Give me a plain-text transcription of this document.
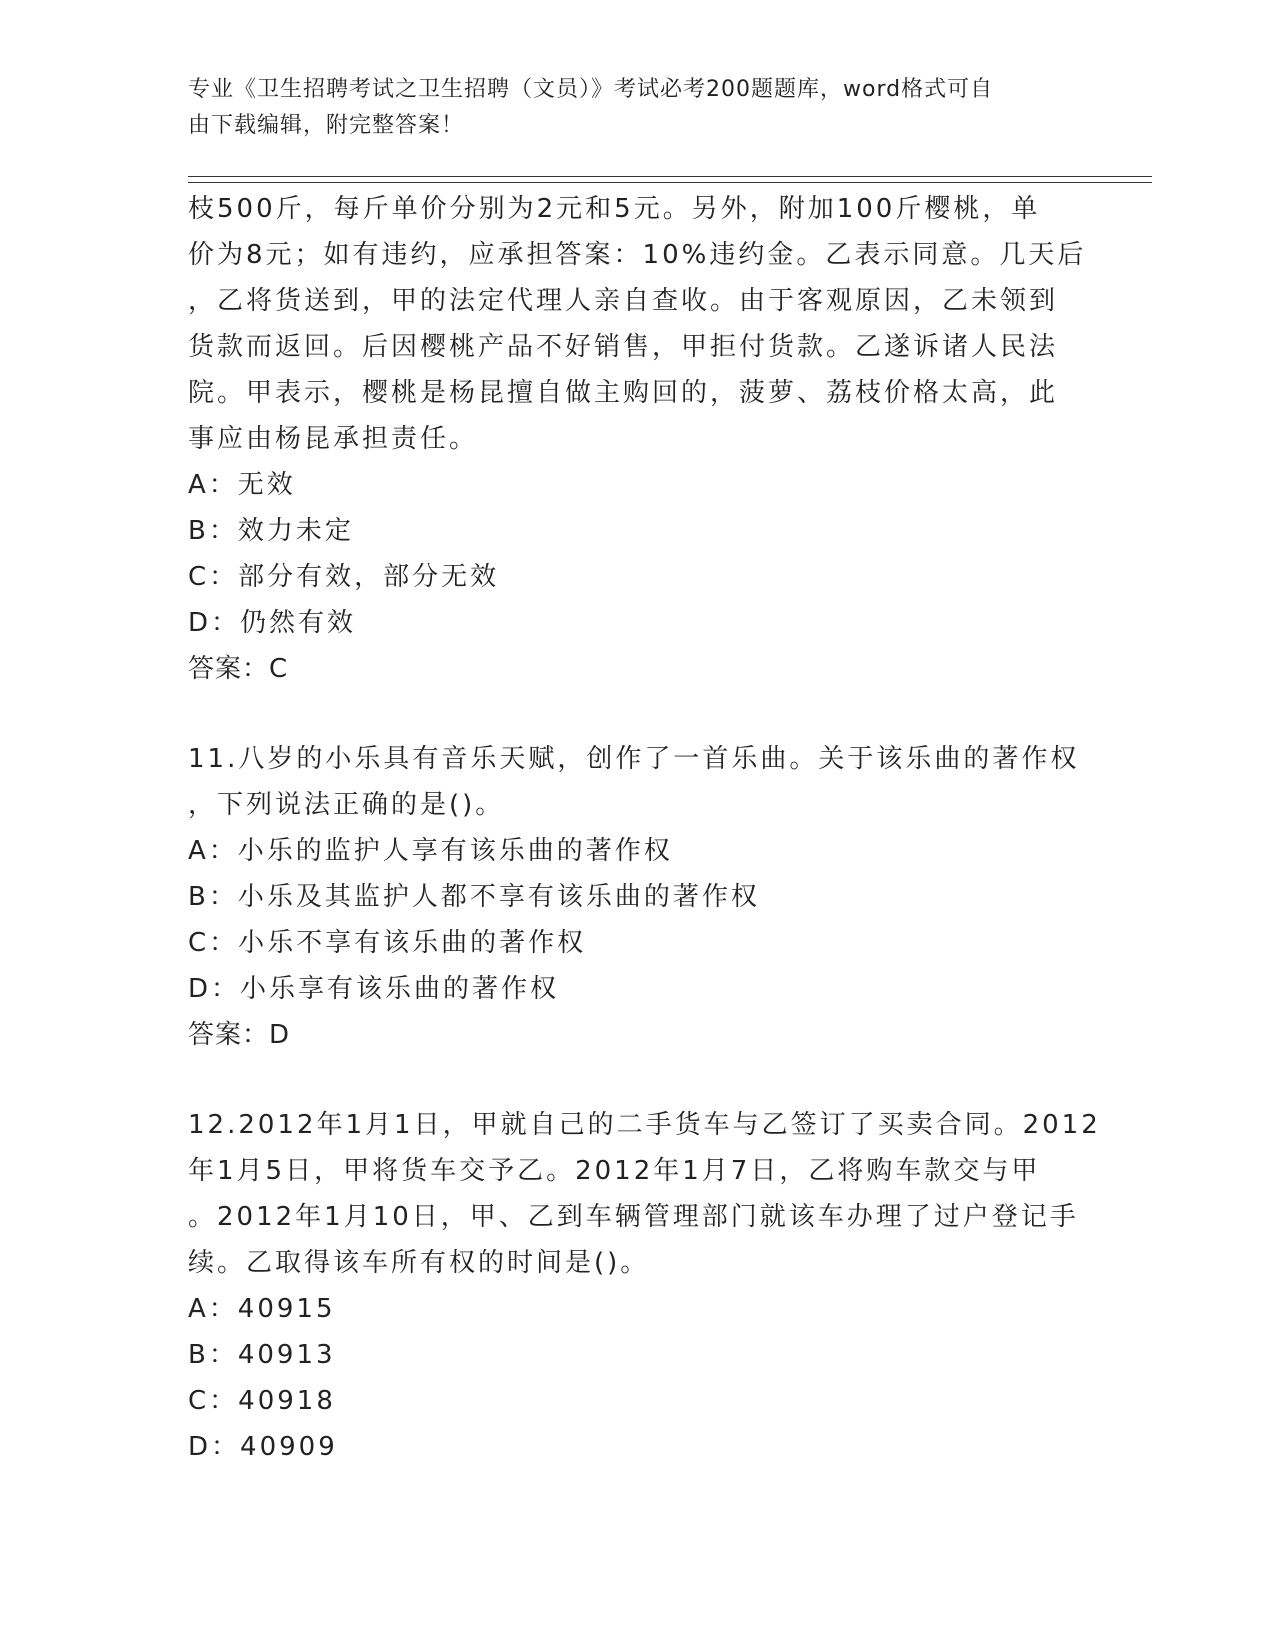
专业《卫生招聘考试之卫生招聘（文员）》考试必考200题题库，word格式可自
由下载编辑，附完整答案！
枝500斤，每斤单价分别为2元和5元。另外，附加100斤樱桃，单
价为8元；如有违约，应承担答案：10%违约金。乙表示同意。几天后
，乙将货送到，甲的法定代理人亲自查收。由于客观原因，乙未领到
货款而返回。后因樱桃产品不好销售，甲拒付货款。乙遂诉诸人民法
院。甲表示，樱桃是杨昆擅自做主购回的，菠萝、荔枝价格太高，此
事应由杨昆承担责任。
A：无效
B：效力未定
C：部分有效，部分无效
D：仍然有效
答案：C
11.八岁的小乐具有音乐天赋，创作了一首乐曲。关于该乐曲的著作权
，下列说法正确的是()。
A：小乐的监护人享有该乐曲的著作权
B：小乐及其监护人都不享有该乐曲的著作权
C：小乐不享有该乐曲的著作权
D：小乐享有该乐曲的著作权
答案：D
12.2012年1月1日，甲就自己的二手货车与乙签订了买卖合同。2012
年1月5日，甲将货车交予乙。2012年1月7日，乙将购车款交与甲
。2012年1月10日，甲、乙到车辆管理部门就该车办理了过户登记手
续。乙取得该车所有权的时间是()。
A：40915
B：40913
C：40918
D：40909
